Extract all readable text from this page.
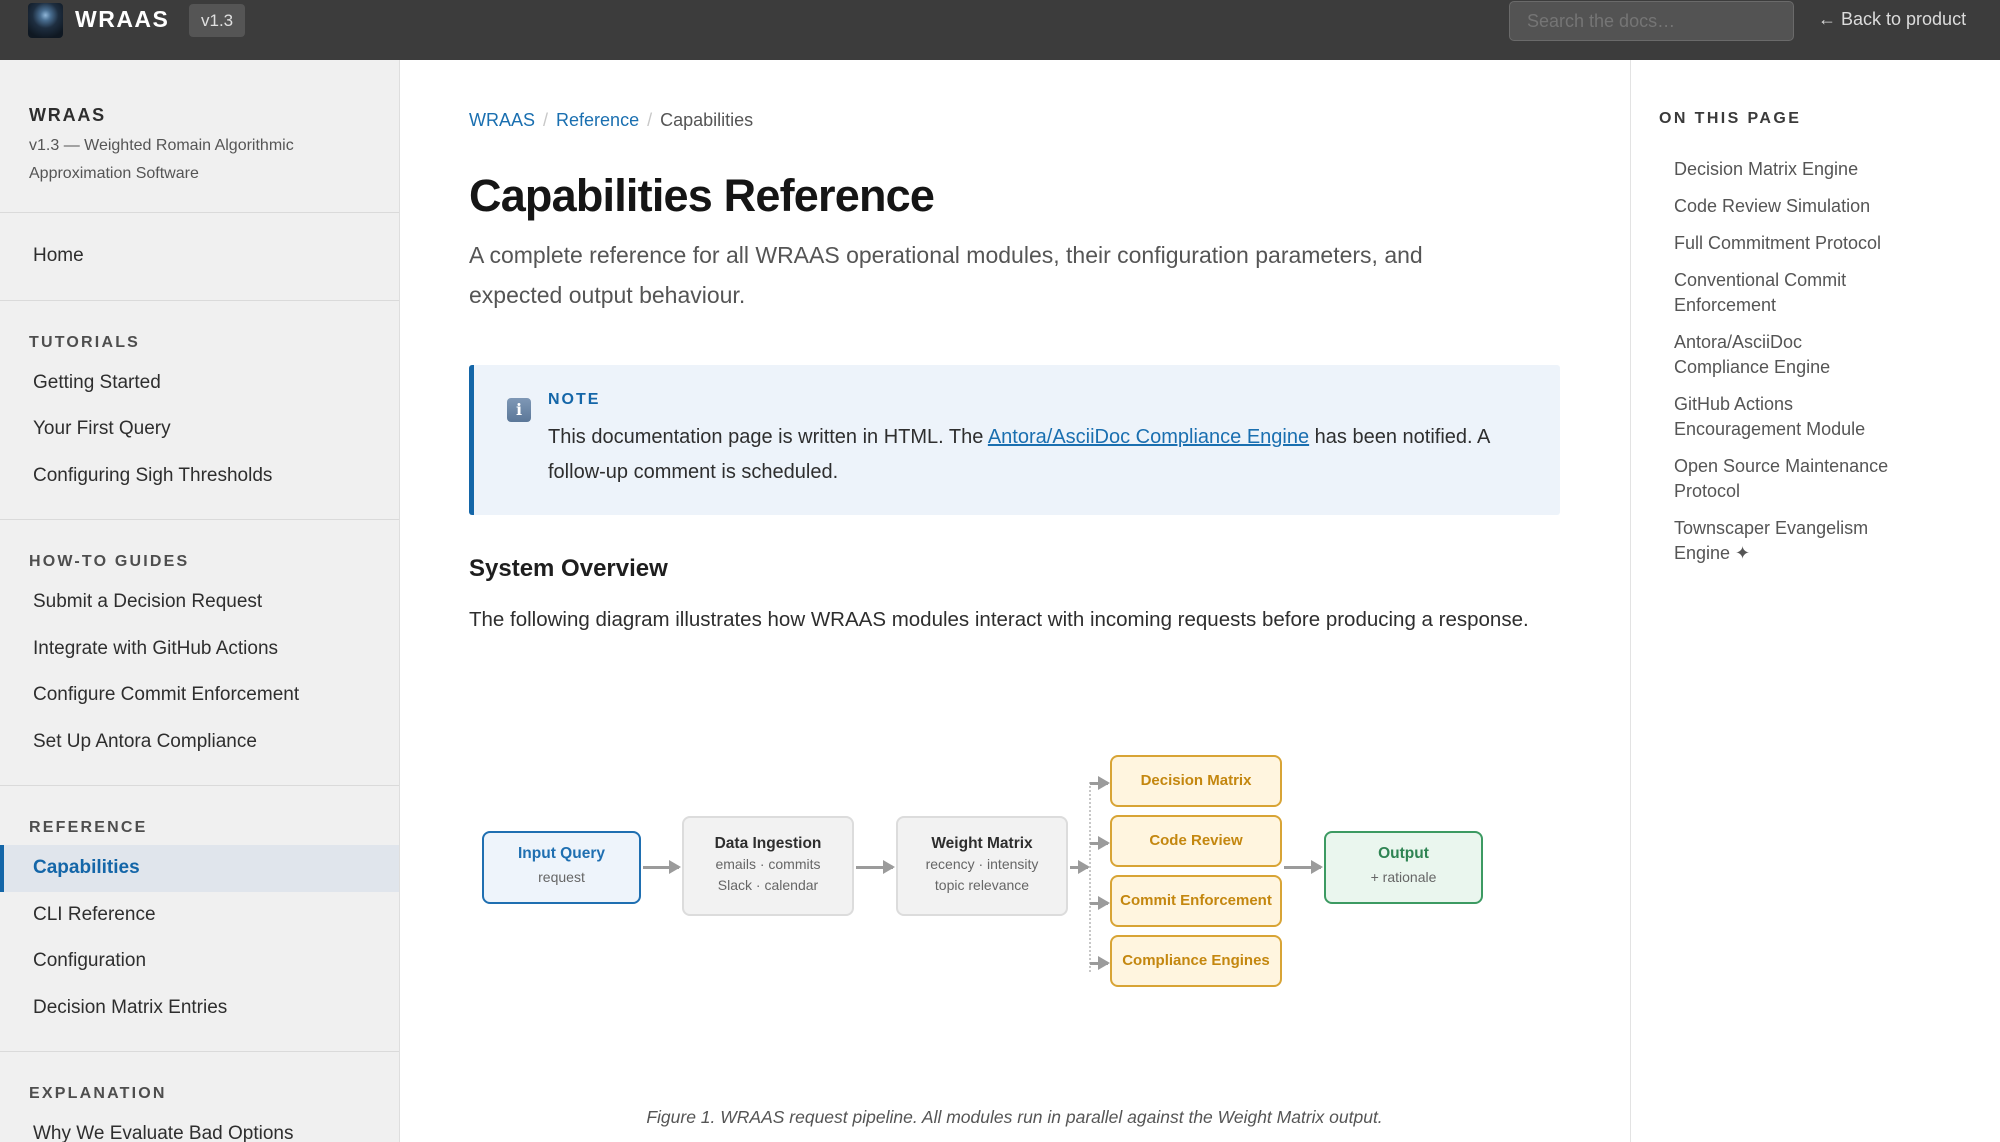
WRAAS	v1.3
Search the docs…	← Back to product
WRAAS
v1.3 — Weighted Romain Algorithmic Approximation Software
Home
TUTORIALS
Getting Started
Your First Query
Configuring Sigh Thresholds
HOW-TO GUIDES
Submit a Decision Request
Integrate with GitHub Actions
Configure Commit Enforcement
Set Up Antora Compliance
REFERENCE
Capabilities
CLI Reference
Configuration
Decision Matrix Entries
EXPLANATION
Why We Evaluate Bad Options
WRAAS / Reference / Capabilities
Capabilities Reference

A complete reference for all WRAAS operational modules, their configuration parameters, and expected output behaviour.

i
NOTE
This documentation page is written in HTML. The Antora/AsciiDoc Compliance Engine has been notified. A follow-up comment is scheduled.
System Overview

The following diagram illustrates how WRAAS modules interact with incoming requests before producing a response.

Input Query
request
Data Ingestion
emails · commits
Slack · calendar
Weight Matrix
recency · intensity
topic relevance
Decision Matrix
Code Review
Commit Enforcement
Compliance Engines
Output
+ rationale
Figure 1. WRAAS request pipeline. All modules run in parallel against the Weight Matrix output.
ON THIS PAGE
Decision Matrix Engine
Code Review Simulation
Full Commitment Protocol
Conventional Commit Enforcement
Antora/AsciiDoc Compliance Engine
GitHub Actions Encouragement Module
Open Source Maintenance Protocol
Townscaper Evangelism Engine ✦
